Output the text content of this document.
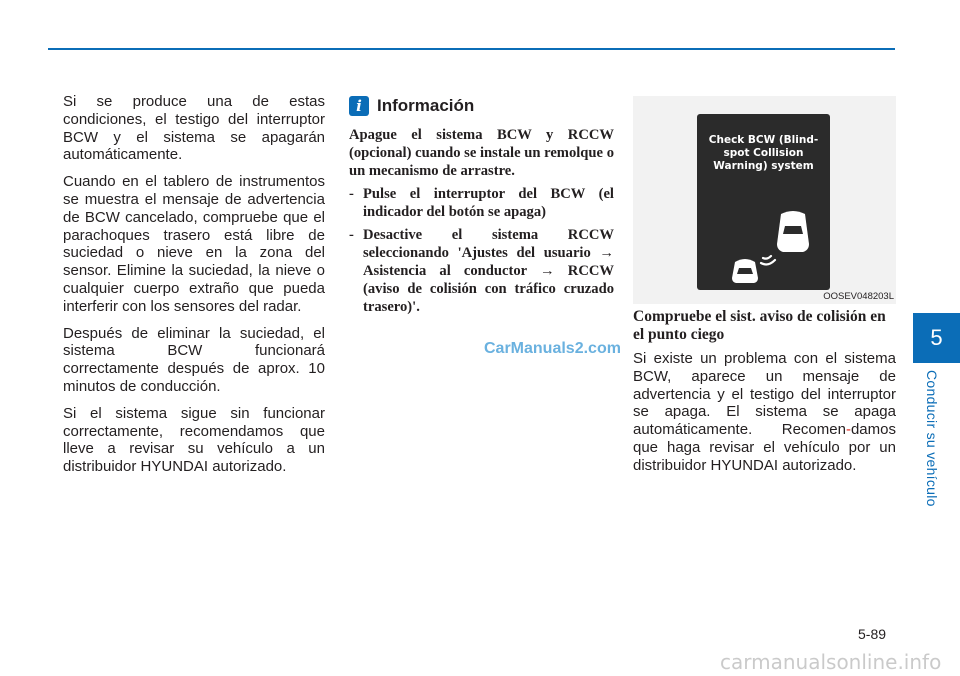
Si se produce una de estas condiciones, el testigo del interruptor BCW y el sistema se apagarán automáticamente.

Cuando en el tablero de instrumentos se muestra el mensaje de advertencia de BCW cancelado, compruebe que el parachoques trasero está libre de suciedad o nieve en la zona del sensor. Elimine la suciedad, la nieve o cualquier cuerpo extraño que pueda interferir con los sensores del radar.

Después de eliminar la suciedad, el sistema BCW funcionará correctamente después de aprox. 10 minutos de conducción.

Si el sistema sigue sin funcionar correctamente, recomendamos que lleve a revisar su vehículo a un distribuidor HYUNDAI autorizado.

i Información

Apague el sistema BCW y RCCW (opcional) cuando se instale un remolque o un mecanismo de arrastre.

- Pulse el interruptor del BCW (el indicador del botón se apaga)
- Desactive el sistema RCCW seleccionando 'Ajustes del usuario → Asistencia al conductor → RCCW (aviso de colisión con tráfico cruzado trasero)'.
CarManuals2.com
Check BCW (Blind-spot Collision Warning) system
OOSEV048203L
Compruebe el sist. aviso de colisión en el punto ciego
Si existe un problema con el sistema BCW, aparece un mensaje de advertencia y el testigo del interruptor se apaga. El sistema se apaga automáticamente. Recomen-damos que haga revisar el vehículo por un distribuidor HYUNDAI autorizado.
5
Conducir su vehículo
5-89
carmanualsonline.info
